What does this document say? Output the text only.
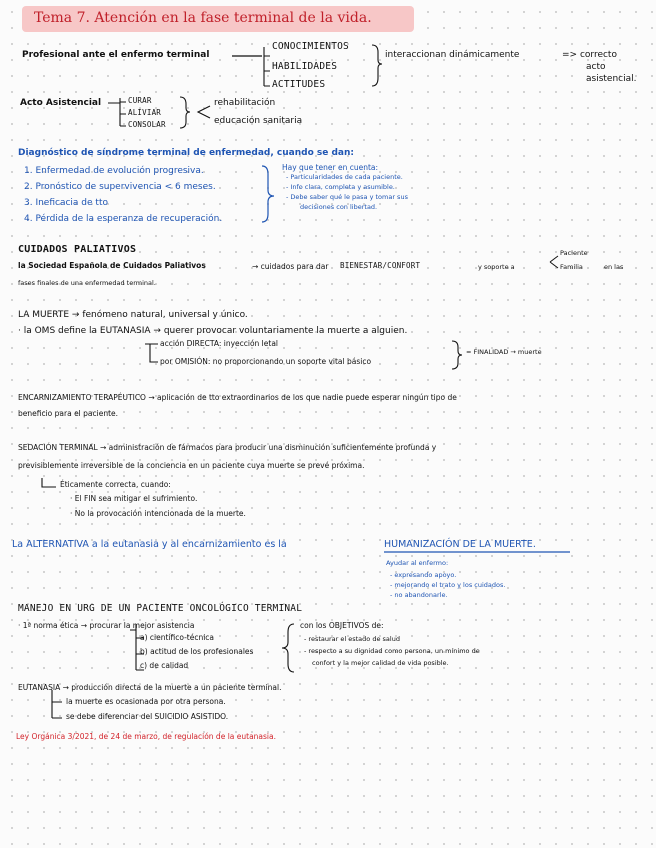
Tema 7. Atención en la fase terminal de la vida.
Profesional ante el enfermo terminal
CONOCIMIENTOS
HABILIDADES
ACTITUDES
interaccionan dinámicamente	=> correcto
acto
asistencial.
Acto Asistencial	CURAR
ALIVIAR
CONSOLAR
rehabilitación
educación sanitaria
Diagnóstico de síndrome terminal de enfermedad, cuando se dan:
1. Enfermedad de evolución progresiva.
2. Pronóstico de supervivencia < 6 meses.
3. Ineficacia de tto
4. Pérdida de la esperanza de recuperación.
Hay que tener en cuenta:
- Particularidades de cada paciente.
- Info clara, completa y asumible.
- Debe saber qué le pasa y tomar sus
decisiones con libertad.
CUIDADOS PALIATIVOS
la Sociedad Española de Cuidados Paliativos	→ cuidados para dar BIENESTAR/CONFORT	y soporte a
Paciente
Familia	en las
fases finales de una enfermedad terminal.
LA MUERTE → fenómeno natural, universal y único.
· la OMS define la EUTANASIA → querer provocar voluntariamente la muerte a alguien.
acción DIRECTA: inyección letal
por OMISIÓN: no proporcionando un soporte vital básico
= FINALIDAD → muerte
ENCARNIZAMIENTO TERAPÉUTICO → aplicación de tto extraordinarios de los que nadie puede esperar ningún tipo de
beneficio para el paciente.
SEDACIÓN TERMINAL → administración de fármacos para producir una disminución suficientemente profunda y
previsiblemente irreversible de la conciencia en un paciente cuya muerte se prevé próxima.
Éticamente correcta, cuando:
· El FIN sea mitigar el sufrimiento.
· No la provocación intencionada de la muerte.
La ALTERNATIVA a la eutanasia y al encarnizamiento es la	HUMANIZACIÓN DE LA MUERTE.
Ayudar al enfermo:
- expresando apoyo.
- mejorando el trato y los cuidados.
- no abandonarle.
MANEJO EN URG DE UN PACIENTE ONCOLÓGICO TERMINAL
· 1ª norma ética → procurar la mejor asistencia
a) científico-técnica
b) actitud de los profesionales
c) de calidad
con los OBJETIVOS de:
- restaurar el estado de salud
- respecto a su dignidad como persona, un mínimo de
confort y la mejor calidad de vida posible.
EUTANASIA → producción directa de la muerte a un paciente terminal.
la muerte es ocasionada por otra persona.
se debe diferenciar del SUICIDIO ASISTIDO.
Ley Orgánica 3/2021, de 24 de marzo, de regulación de la eutanasia.
